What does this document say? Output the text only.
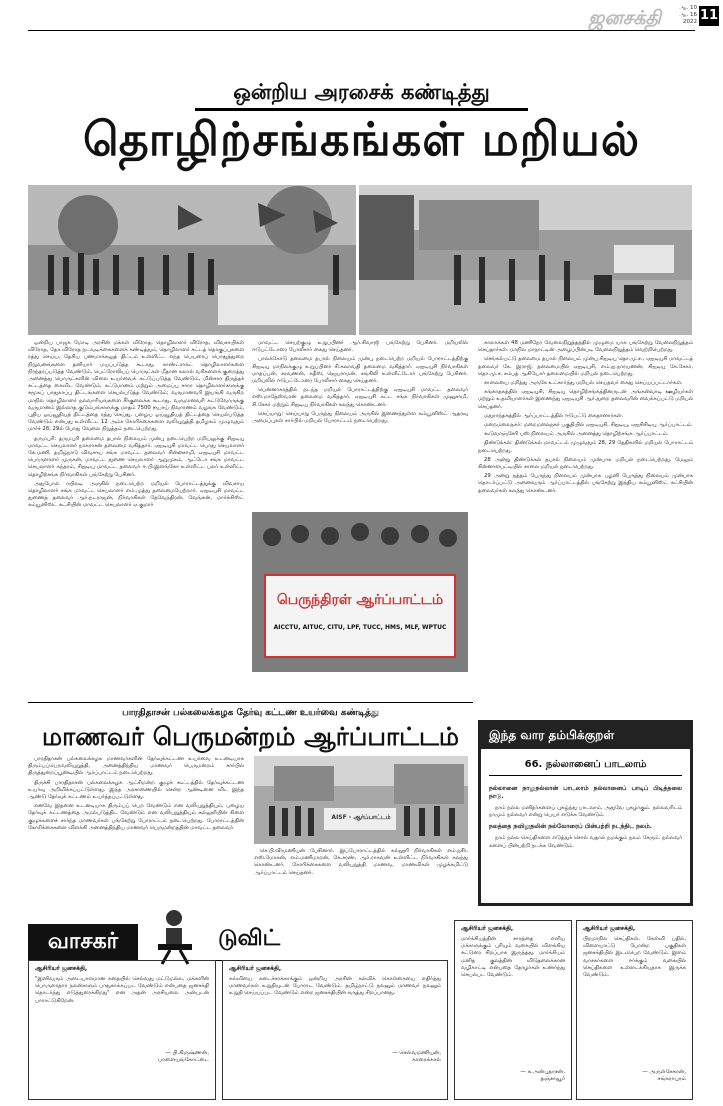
ஜனசக்தி	ஆ. 10
ஆ. 16
2022 11
ஒன்றிய அரசைக் கண்டித்து
தொழிற்சங்கங்கள் மறியல்

ஒன்றிய பாஜக மோடி அரசின் மக்கள் விரோத, தொழிலாளர் விரோத, விவசாயிகள் விரோத, தேச விரோத நடவடிக்கைகளைக் கண்டித்தும், தொழிலாளர் சட்டத் தொகுப்புகளை ரத்து செய்ய, தேசிய பணமாக்கலுத் திட்டம் உள்ளிட்ட எந்த பெயரைப் பொதுத்துறை நிறுவனங்களை தனியார் மயப்படுத்த கூடாது, காண்ட்ராக்ட் தொழிலாளர்களை நிரந்தரப்படுத்த வேண்டும், பெட்ரோலியப் பொருட்கள் மீதான கலால் வரிகளைக் குறைத்து அனைத்து பொருட்களின் விலை உயர்வைக் கட்டுப்படுத்த வேண்டும், மின்சார திருத்தச் சட்டத்தை கைவிட வேண்டும், கட்டுமானம் மற்றும் அமைப்பு சாரா தொழிலாளர்களுக்கு சமூகப் பாதுகாப்பு திட்டங்களை செயல்படுத்த வேண்டும்; வருமானவரி இயங்கி வருகிற மாநில தொழிலாளர் நலவாரியங்களை சீர்குலைக்க கூடாது, வருமானவரி கட்டுவோருக்கு வருமானம் இல்லாத குடும்பங்களுக்கு மாதம் 7500 ரூபாய் நிவாரணம் வழங்க வேண்டும், புதிய ஓய்வூதியத் திட்டத்தை ரத்து செய்து, பழைய ஓய்வூதியத் திட்டத்தை செயல்படுத்த வேண்டும் என்பது உள்ளிட்ட 12 அம்ச கோரிக்கைகளை வலியுறுத்தி தமிழகம் முழுவதும் மார்ச் 28, 29ல் போது வேலை நிறுத்தம் நடைபெற்றது.

தருமபுரி: தருமபுரி தலைமை தபால் நிலையம் முன்பு நடைபெற்ற மறியலுக்கு சிஐடியு மாவட்ட செயலாளர் நாகராசன் தலைமை வகித்தார். ஏஐடியுசி மாவட்ட பொது செயலாளர் கே.மணி, தமிழ்நாடு விவசாய சங்க மாவட்ட தலைவர் சின்னசாமி, ஏஐடியுசி மாவட்ட பொருளாளர் முருகன், மாவட்ட துணை செயலாளர் ஆறுமுகம், ஆட்டோ சங்க மாவட்ட செயலாளர் சுந்தரம், சிஐடியு மாவட்ட தலைவர் ஈ.பி.இளங்கோ உள்ளிட்ட பலர் உள்ளிட்ட தொழிற்சங்க நிர்வாகிகள் பங்கேற்று பேசினர்.

அதுபோல் ரயிலடி அருகில் நடைபெற்ற மறியல் போராட்டத்துக்கு விவசாய தொழிலாளர் சங்க மாவட்ட செயலாளர் எம்.முத்து தலைமையேற்றார். ஏஐடியுசி மாவட்ட துணைத் தலைவர் ஆர்.நடராஜன், நிர்வாகிகள் தேவேந்திரன், வேங்கன், மார்க்சிஸ்ட் கம்யூனிஸ்ட் கட்சியின் மாவட்ட செயலாளர் ஏ.குமார்

மாவட்ட செயற்குழு உறுப்பினர் ஆர்.சிவாஜி பங்கேற்று பேசினர். மறியலில் ஈடுபட்டோரை போலீசார் கைது செய்தனர்.

பாலக்கோடு தலைமை தபால் நிலையம் முன்பு நடைபெற்ற மறியல் போராட்டத்திற்கு சிஐடியு மாநிலக்குழு உறுப்பினர் சி.கலாவதி தலைமை வகித்தார். ஏஐடியுசி நிர்வாகிகள் மாதப்பன், சரவணன், சுதீஸ், ஜெயராமன், சங்கிலி உள்ளிட்டோர் பங்கேற்று பேசினர். மறியலில் ஈடுபட்டோரை போலீசார் கைது செய்தனர்.

பென்னாகரத்தில் நடந்த மறியல் போராட்டத்திற்கு ஏஐடியுசி மாவட்ட தலைவர் எஸ்.மாதேஸ்வரன் தலைமை வகித்தார். ஏஐடியுசி கட்ட சங்க நிர்வாகிகள் முனுசாமி, சி.சேகர் மற்றும் சிஐடியு நிர்வாகிகள் கலந்து கொண்டனர்.

செய்யாறு: செய்யாறு பேருந்து நிலையம் அருகில் இணைந்துள்ள கம்யூனிஸ்ட் ஆதரவு அமைப்புகள் சார்பில் மறியல் போராட்டம் நடைபெற்றது.

பெருந்திரள் ஆர்ப்பாட்டம்
AICCTU, AITUC, CITU, LPF, TUCC, HMS, MLF, WPTUC

காலாக்கள் 48 மணிநேர வேலைநிறுத்தத்தில் முழுமை யாக பங்கேற்று வேலைநிறுத்தம் செய்தார்கள். மாநில மாநாட்டின் அழைப்பின்படி வேலைநிறுத்தம் வெற்றிபெற்றது.

செங்கல்பட்டு தலைமை தபால் நிலையம் முன்பு சிஐடியு தொ.மு.ச., ஏஐடியுசி மாவட்டத் தலைவர் கே. இராஜ், தலைமையில் ஏஐடியுசி, எம்.ஐ.நாரயணன், சிஐடியு கே.சேகர், தொ.மு.ச. சம்பத் ஆகியோர் தலைமையில் மறியல் நடைபெற்றது.

சாலையை மறித்து அருகே உட்கார்ந்து மறியல் செய்தவர் கைது செய்யப்பட்டார்கள்.

கங்காதகத்தில் ஏஐடியுசி, சிஐடியு தொழிற்சங்கத்தினருடன் அங்கன்வாடி ஊழியர்கள் மற்றும் உதவியாளர்கள் இணைந்து ஏஐடியுசி ஆர்.துறை தலைவரின் வைக்கப்பட்டு மறியல் செய்தனர்.

மதுராந்தகத்தில் ஆர்ப்பாட்டத்தில் ஈடுபட்டு கைதானார்கள்.

மறைமலைநகர்: மறைமலைநகர் பகுதியில் ஏஐடியுசி, சிஐடியு, ஏஐசிசிடியு ஆர்ப்பாட்டம்.

கூடுவாஞ்சேரி பஸ் நிலையம் அருகில் அனைத்து தொழிற்சங்க ஆர்ப்பாட்டம்.

திண்டுக்கல்: திண்டுக்கல் மாவட்டம் முழுவதும் 28, 29 தேதிகளில் மறியல் போராட்டம் நடைபெற்றது.

28 அன்று திண்டுக்கல் தபால் நிலையம் முன்பாக மறியல் நடைபெற்றது. மேலும் சின்னாளபட்டியில் சாலை மறியல் நடைபெற்றது.

29 அன்று நத்தம் பேருந்து நிலையம் முன்பாக பழனி பேருந்து நிலையம் முன்பாக தொடர்ப்பட்டு அனைவரும் ஆர்ப்பாட்டத்தில் பங்கேற்று இந்திய கம்யூனிஸ்ட் கட்சியின் தலைவர்கள் கலந்து கொண்டனர்.

பாரதிதாசன் பல்கலைக்கழக தேர்வு கட்டண உயர்வை கண்டித்து
மாணவர் பெருமன்றம் ஆர்ப்பாட்டம்

பாரதிதாசன் பல்கலைக்கழக மாணவர்களின் தேர்வுக்கட்டண உயர்வை உடனடியாக திரும்பப்பெறவலியுறுத்தி, அனைத்திந்திய மாணவர் பெருமன்றம் சார்பில் திருத்துறைப்பூண்டியில் ஆர்ப்பாட்டம் நடைபெற்றது.

திருச்சி பாரதிதாசன் பல்கலைக்கழக ஆட்சிமன்ற குழுக் கூட்டத்தில் தேர்வுக்கட்டண உயர்வு அறிவிக்கப்பட்டுள்ளது. இந்த அரசாணையில் சென்ற ஆண்டினை விட இந்த ஆண்டு தேர்வுக் கட்டணம் உயர்த்தப்பட்டுள்ளது.

எனவே இதனை உடனடியாக திரும்பப் பெற வேண்டும் என வலியுறுத்தியும், பழைய தேர்வுக் கட்டணத்தை அமல்படுத்திட வேண்டும் என வலியுறுத்தியும் கல்லூரியின் கிளை குழுக்களைச் சார்ந்த மாணவர்கள் பங்கேற்று போராட்டம் நடைபெற்றது. போராட்டத்தின் கோரிக்கைகளை விளக்கி அனைத்திந்திய மாணவர் பெருமன்றத்தின் மாவட்ட தலைவர்

AISF - ஆர்ப்பாட்டம்

செ.பி.வீரமணியன் பேசினார். இப்போராட்டத்தில் கல்லூரி நிர்வாகிகள் எம்.நசீர், எஸ்.மோகன், எம்.மணிமாறன், கே.சரண், ஆர்.ராகவன் உள்ளிட்ட நிர்வாகிகள் கலந்து கொண்டனர். கோரிக்கைகளை வலியுறுத்தி மாணவ, மாணவிகள் முழக்கமிட்டு ஆர்ப்பாட்டம் செய்தனர்.

இந்த வார தம்பிக்குறள்
66. நல்லானைப் பாடலாம்
நல்லானை நாலுநல்லான் பாடலாம் நல்லானைப் பாடிப் பிடித்தலை நாடு.

நாம் நல்ல மனிதர்களைப் புகழ்ந்து பாடலாம், அதுவே புகழாகும். நல்லவரிடம் நாமும் நல்லவர் என்று பெயர் எடுக்க வேண்டும்.

நலத்தை நவிலுதலின் நல்லோரைப் பின்பற்றி நடந்திட நலம்.

நாம் நல்ல செய்திகளை எடுத்துச் சொல் வதால் நமக்கும் நலம் சேரும். நல்லவர் களைப் பின்பற்றி நடக்க வேண்டும்.

வாசகர்	டுவிட்
ஆசிரியர் ஜனசக்தி,
"இனிவரும் அடையாளமான கதையில் செல்வது மட்டுமல்ல, மக்களின் பொருளாதார நலன்களும் பாதுகாக்கப்பட வேண்டும் என்பதை ஜனசக்தி தொடர்ந்து எடுத்துரைக்கிறது" என அதன் அரசியலை அன்புடன் பாராட்டுகிறேன்.
— பி.கிருஷ்ணன்,
பாளையங்கோட்டை
ஆசிரியர் ஜனசக்தி,
கல்வியை கடைச்சரக்காக்கும் ஒன்றிய அரசின் கல்விக் கொள்கையை எதிர்த்து மாணவர்கள் உறுதியுடன் போராட வேண்டும். தமிழ்நாட்டு நலனும் மாணவர் நலனும் உறுதி செய்யப்பட வேண்டும் என்ற ஜனசக்தியின் கருத்து சிறப்பானது.
— செல்வமணியன்,
காரைக்கால்
ஆசிரியர் ஜனசக்தி,
மார்க்சியத்தின் சாரத்தை எளிய மக்களுக்கும் புரியும் வகையில் விளக்கிய கட்டுரை சிறப்பாக இருந்தது. மார்க்சியம் மனித குலத்தின் விடுதலைக்கான வழிகாட்டி என்பதை தோழர்கள் உணர்ந்து செயல்பட வேண்டும்.
— க.அன்புதாசன்,
தஞ்சாவூர்
ஆசிரியர் ஜனசக்தி,
பிறமாநில செய்திகள், கேள்வி பதில், விளையாட்டு போன்ற பகுதிகள் ஜனசக்தியில் இடம்பெற வேண்டும். இளம் வாசகர்களை ஈர்க்கும் வகையில் செய்திகளை உள்ளடக்கியதாக இருக்க வேண்டும்.
— அருள்சேகரன்,
சங்கராபுரம்
